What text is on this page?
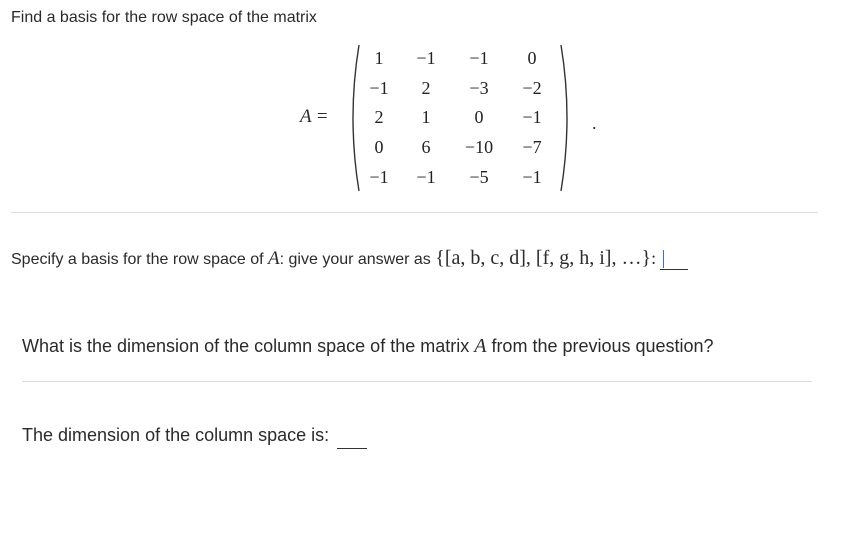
Find a basis for the row space of the matrix
A =
1	−1	−1	0
−1	2	−3	−2
2	1	0	−1
0	6	−10	−7
−1	−1	−5	−1
.
Specify a basis for the row space of A: give your answer as {[a, b, c, d], [f, g, h, i], …}:
What is the dimension of the column space of the matrix A from the previous question?
The dimension of the column space is:
